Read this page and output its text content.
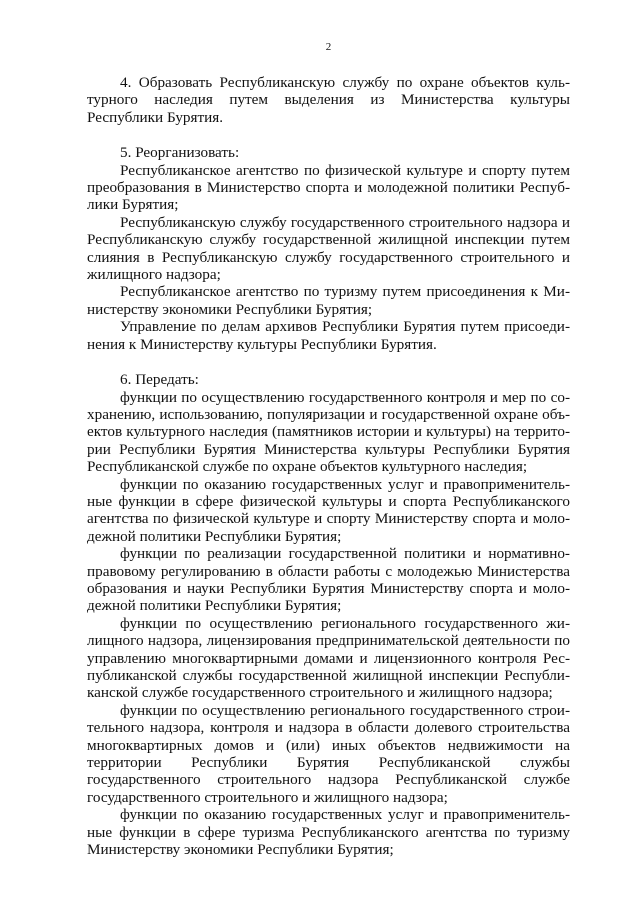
2

4. Образовать Республиканскую службу по охране объектов культурного наследия путем выделения из Министерства культуры Республики Бурятия.

5. Реорганизовать:

Республиканское агентство по физической культуре и спорту путем преобразования в Министерство спорта и молодежной политики Республики Бурятия;

Республиканскую службу государственного строительного надзора и Республиканскую службу государственной жилищной инспекции путем слияния в Республиканскую службу государственного строительного и жилищного надзора;

Республиканское агентство по туризму путем присоединения к Министерству экономики Республики Бурятия;

Управление по делам архивов Республики Бурятия путем присоединения к Министерству культуры Республики Бурятия.

6. Передать:

функции по осуществлению государственного контроля и мер по сохранению, использованию, популяризации и государственной охране объектов культурного наследия (памятников истории и культуры) на территории Республики Бурятия Министерства культуры Республики Бурятия Республиканской службе по охране объектов культурного наследия;

функции по оказанию государственных услуг и правоприменительные функции в сфере физической культуры и спорта Республиканского агентства по физической культуре и спорту Министерству спорта и молодежной политики Республики Бурятия;

функции по реализации государственной политики и нормативно-правовому регулированию в области работы с молодежью Министерства образования и науки Республики Бурятия Министерству спорта и молодежной политики Республики Бурятия;

функции по осуществлению регионального государственного жилищного надзора, лицензирования предпринимательской деятельности по управлению многоквартирными домами и лицензионного контроля Республиканской службы государственной жилищной инспекции Республиканской службе государственного строительного и жилищного надзора;

функции по осуществлению регионального государственного строительного надзора, контроля и надзора в области долевого строительства многоквартирных домов и (или) иных объектов недвижимости на территории Республики Бурятия Республиканской службы государственного строительного надзора Республиканской службе государственного строительного и жилищного надзора;

функции по оказанию государственных услуг и правоприменительные функции в сфере туризма Республиканского агентства по туризму Министерству экономики Республики Бурятия;
